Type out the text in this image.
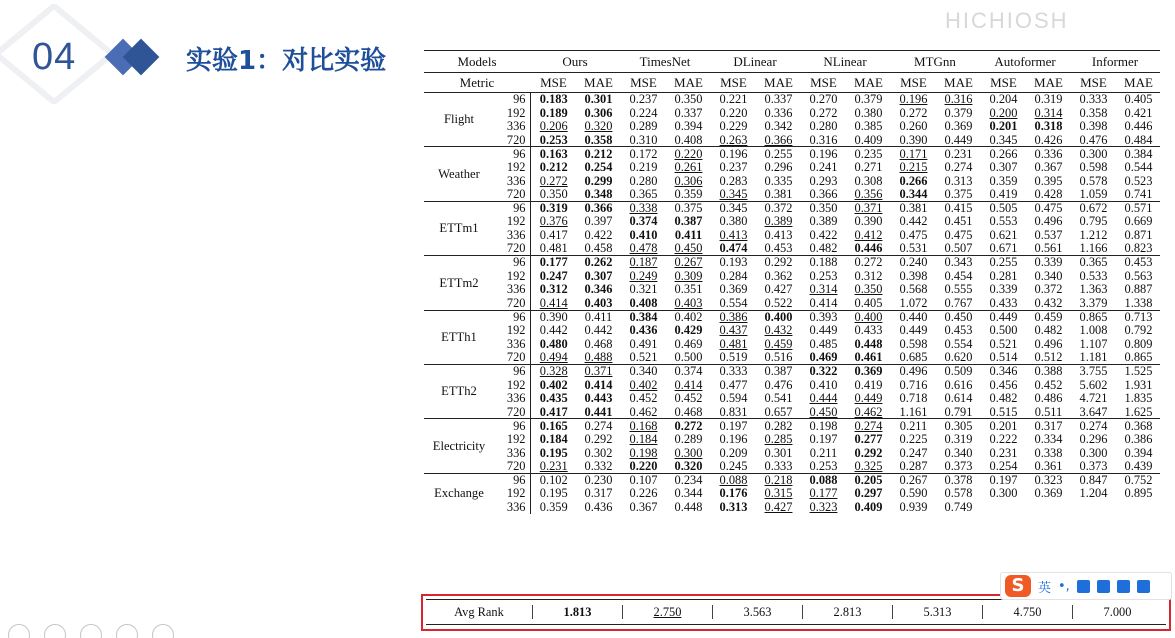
04	实验1：对比实验
HICHIOSH
Models		Ours		TimesNet		DLinear		NLinear		MTGnn		Autoformer		Informer	
Metric		MSE	MAE	MSE	MAE	MSE	MAE	MSE	MAE	MSE	MAE	MSE	MAE	MSE	MAE
Flight	96	0.183	0.301	0.237	0.350	0.221	0.337	0.270	0.379	0.196	0.316	0.204	0.319	0.333	0.405
	192	0.189	0.306	0.224	0.337	0.220	0.336	0.272	0.380	0.272	0.379	0.200	0.314	0.358	0.421
	336	0.206	0.320	0.289	0.394	0.229	0.342	0.280	0.385	0.260	0.369	0.201	0.318	0.398	0.446
	720	0.253	0.358	0.310	0.408	0.263	0.366	0.316	0.409	0.390	0.449	0.345	0.426	0.476	0.484
Weather	96	0.163	0.212	0.172	0.220	0.196	0.255	0.196	0.235	0.171	0.231	0.266	0.336	0.300	0.384
	192	0.212	0.254	0.219	0.261	0.237	0.296	0.241	0.271	0.215	0.274	0.307	0.367	0.598	0.544
	336	0.272	0.299	0.280	0.306	0.283	0.335	0.293	0.308	0.266	0.313	0.359	0.395	0.578	0.523
	720	0.350	0.348	0.365	0.359	0.345	0.381	0.366	0.356	0.344	0.375	0.419	0.428	1.059	0.741
ETTm1	96	0.319	0.366	0.338	0.375	0.345	0.372	0.350	0.371	0.381	0.415	0.505	0.475	0.672	0.571
	192	0.376	0.397	0.374	0.387	0.380	0.389	0.389	0.390	0.442	0.451	0.553	0.496	0.795	0.669
	336	0.417	0.422	0.410	0.411	0.413	0.413	0.422	0.412	0.475	0.475	0.621	0.537	1.212	0.871
	720	0.481	0.458	0.478	0.450	0.474	0.453	0.482	0.446	0.531	0.507	0.671	0.561	1.166	0.823
ETTm2	96	0.177	0.262	0.187	0.267	0.193	0.292	0.188	0.272	0.240	0.343	0.255	0.339	0.365	0.453
	192	0.247	0.307	0.249	0.309	0.284	0.362	0.253	0.312	0.398	0.454	0.281	0.340	0.533	0.563
	336	0.312	0.346	0.321	0.351	0.369	0.427	0.314	0.350	0.568	0.555	0.339	0.372	1.363	0.887
	720	0.414	0.403	0.408	0.403	0.554	0.522	0.414	0.405	1.072	0.767	0.433	0.432	3.379	1.338
ETTh1	96	0.390	0.411	0.384	0.402	0.386	0.400	0.393	0.400	0.440	0.450	0.449	0.459	0.865	0.713
	192	0.442	0.442	0.436	0.429	0.437	0.432	0.449	0.433	0.449	0.453	0.500	0.482	1.008	0.792
	336	0.480	0.468	0.491	0.469	0.481	0.459	0.485	0.448	0.598	0.554	0.521	0.496	1.107	0.809
	720	0.494	0.488	0.521	0.500	0.519	0.516	0.469	0.461	0.685	0.620	0.514	0.512	1.181	0.865
ETTh2	96	0.328	0.371	0.340	0.374	0.333	0.387	0.322	0.369	0.496	0.509	0.346	0.388	3.755	1.525
	192	0.402	0.414	0.402	0.414	0.477	0.476	0.410	0.419	0.716	0.616	0.456	0.452	5.602	1.931
	336	0.435	0.443	0.452	0.452	0.594	0.541	0.444	0.449	0.718	0.614	0.482	0.486	4.721	1.835
	720	0.417	0.441	0.462	0.468	0.831	0.657	0.450	0.462	1.161	0.791	0.515	0.511	3.647	1.625
Electricity	96	0.165	0.274	0.168	0.272	0.197	0.282	0.198	0.274	0.211	0.305	0.201	0.317	0.274	0.368
	192	0.184	0.292	0.184	0.289	0.196	0.285	0.197	0.277	0.225	0.319	0.222	0.334	0.296	0.386
	336	0.195	0.302	0.198	0.300	0.209	0.301	0.211	0.292	0.247	0.340	0.231	0.338	0.300	0.394
	720	0.231	0.332	0.220	0.320	0.245	0.333	0.253	0.325	0.287	0.373	0.254	0.361	0.373	0.439
Exchange	96	0.102	0.230	0.107	0.234	0.088	0.218	0.088	0.205	0.267	0.378	0.197	0.323	0.847	0.752
	192	0.195	0.317	0.226	0.344	0.176	0.315	0.177	0.297	0.590	0.578	0.300	0.369	1.204	0.895
	336	0.359	0.436	0.367	0.448	0.313	0.427	0.323	0.409	0.939	0.749				
Avg Rank	1.813	2.750	3.563	2.813	5.313	4.750	7.000
S	英 •,
